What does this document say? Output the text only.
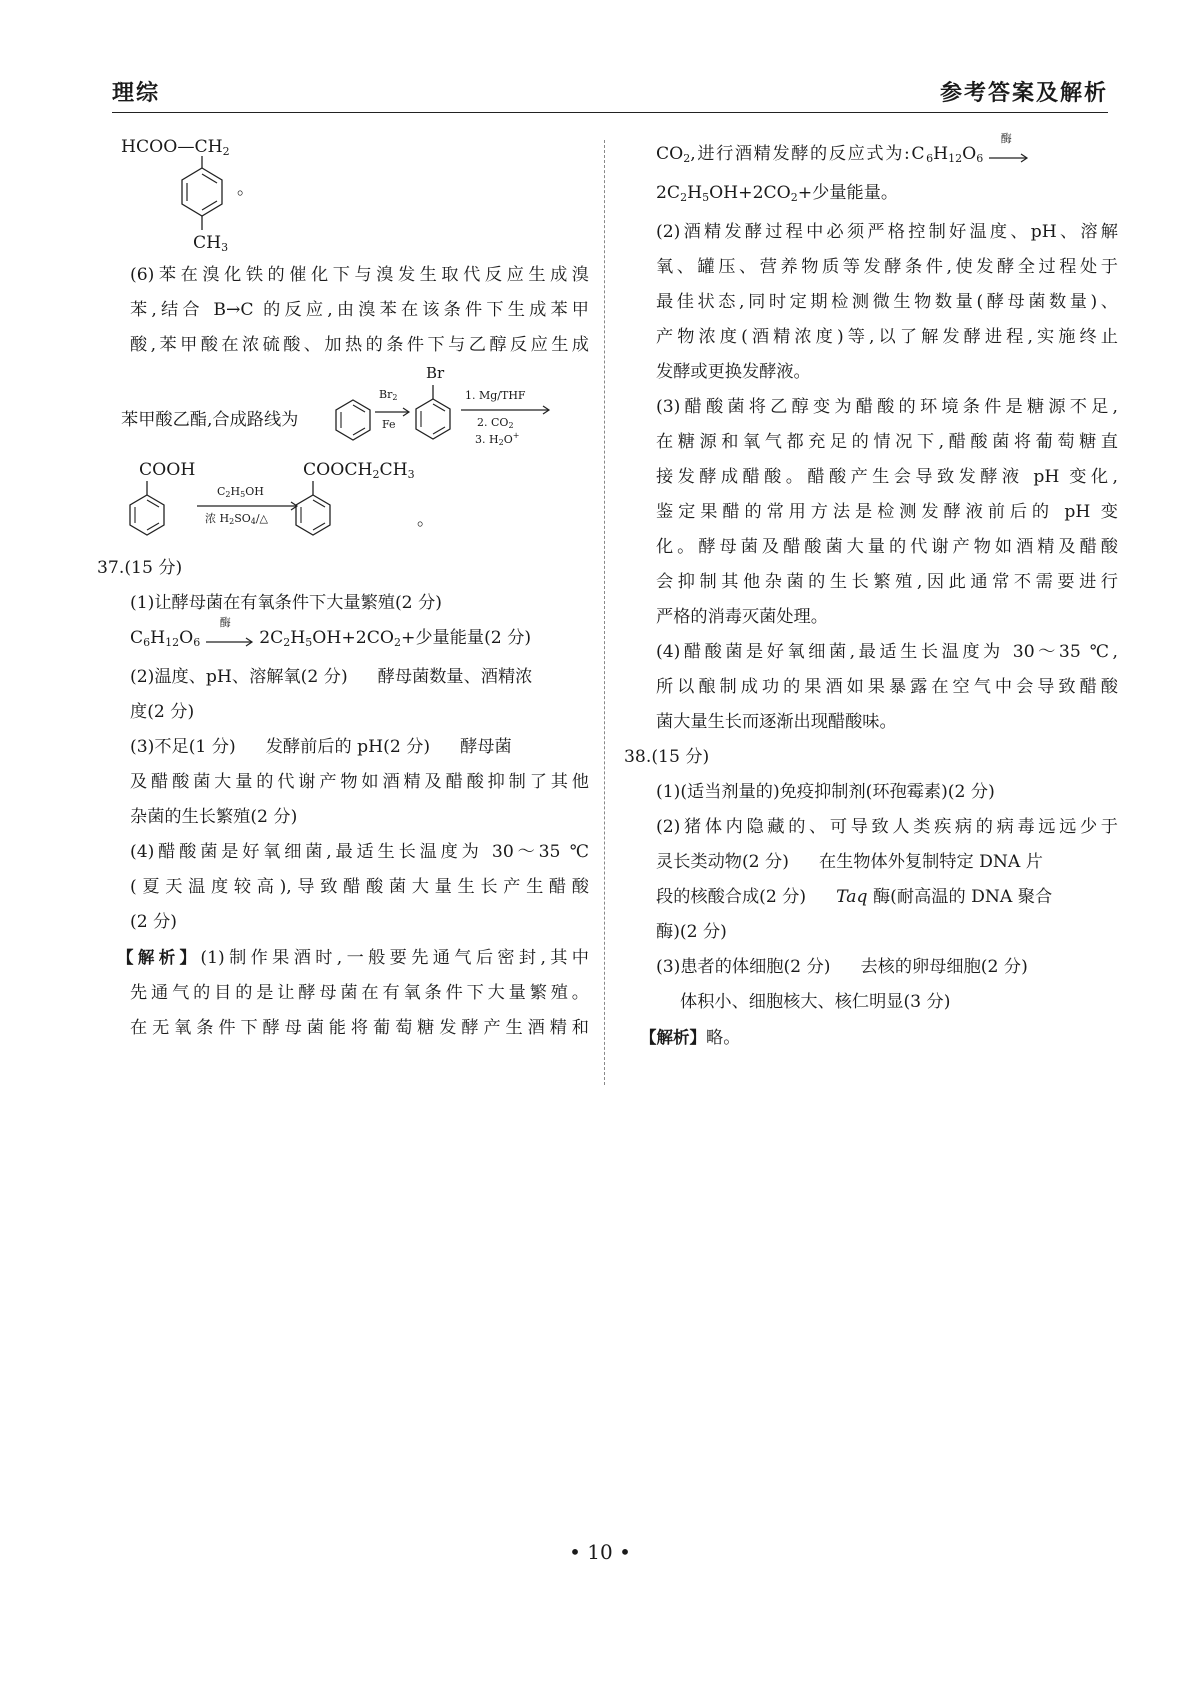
理综	参考答案及解析
$HCOO—CH_2$
。
$CH_3$

(6)苯在溴化铁的催化下与溴发生取代反应生成溴

苯,结合 B→C 的反应,由溴苯在该条件下生成苯甲

酸,苯甲酸在浓硫酸、加热的条件下与乙醇反应生成

苯甲酸乙酯,合成路线为
Br2
Fe
Br
1. Mg/THF
2. CO2
3. H2O+
COOH
C2H5OH
浓 H2SO4/△
$COOCH_2CH_3$
。

37.(15 分)

(1)让酵母菌在有氧条件下大量繁殖(2 分)

$C_6H_{12}O_6$
酶
$2C_2H_5OH+2CO_2+$少量能量(2 分)

(2)温度、pH、溶解氧(2 分) 酵母菌数量、酒精浓

度(2 分)

(3)不足(1 分) 发酵前后的 pH(2 分) 酵母菌

及醋酸菌大量的代谢产物如酒精及醋酸抑制了其他

杂菌的生长繁殖(2 分)

(4)醋酸菌是好氧细菌,最适生长温度为 30～35 ℃

(夏天温度较高),导致醋酸菌大量生长产生醋酸

(2 分)

【解析】(1)制作果酒时,一般要先通气后密封,其中

先通气的目的是让酵母菌在有氧条件下大量繁殖。

在无氧条件下酵母菌能将葡萄糖发酵产生酒精和

$CO_2$,进行酒精发酵的反应式为$:C_6H_{12}O_6$
酶

$2C_2H_5OH+2CO_2+$少量能量。

(2)酒精发酵过程中必须严格控制好温度、pH、溶解

氧、罐压、营养物质等发酵条件,使发酵全过程处于

最佳状态,同时定期检测微生物数量(酵母菌数量)、

产物浓度(酒精浓度)等,以了解发酵进程,实施终止

发酵或更换发酵液。

(3)醋酸菌将乙醇变为醋酸的环境条件是糖源不足,

在糖源和氧气都充足的情况下,醋酸菌将葡萄糖直

接发酵成醋酸。醋酸产生会导致发酵液 pH 变化,

鉴定果醋的常用方法是检测发酵液前后的 pH 变

化。酵母菌及醋酸菌大量的代谢产物如酒精及醋酸

会抑制其他杂菌的生长繁殖,因此通常不需要进行

严格的消毒灭菌处理。

(4)醋酸菌是好氧细菌,最适生长温度为 30～35 ℃,

所以酿制成功的果酒如果暴露在空气中会导致醋酸

菌大量生长而逐渐出现醋酸味。

38.(15 分)

(1)(适当剂量的)免疫抑制剂(环孢霉素)(2 分)

(2)猪体内隐藏的、可导致人类疾病的病毒远远少于

灵长类动物(2 分) 在生物体外复制特定 DNA 片

段的核酸合成(2 分) Taq 酶(耐高温的 DNA 聚合

酶)(2 分)

(3)患者的体细胞(2 分) 去核的卵母细胞(2 分)

体积小、细胞核大、核仁明显(3 分)

【解析】略。

• 10 •
